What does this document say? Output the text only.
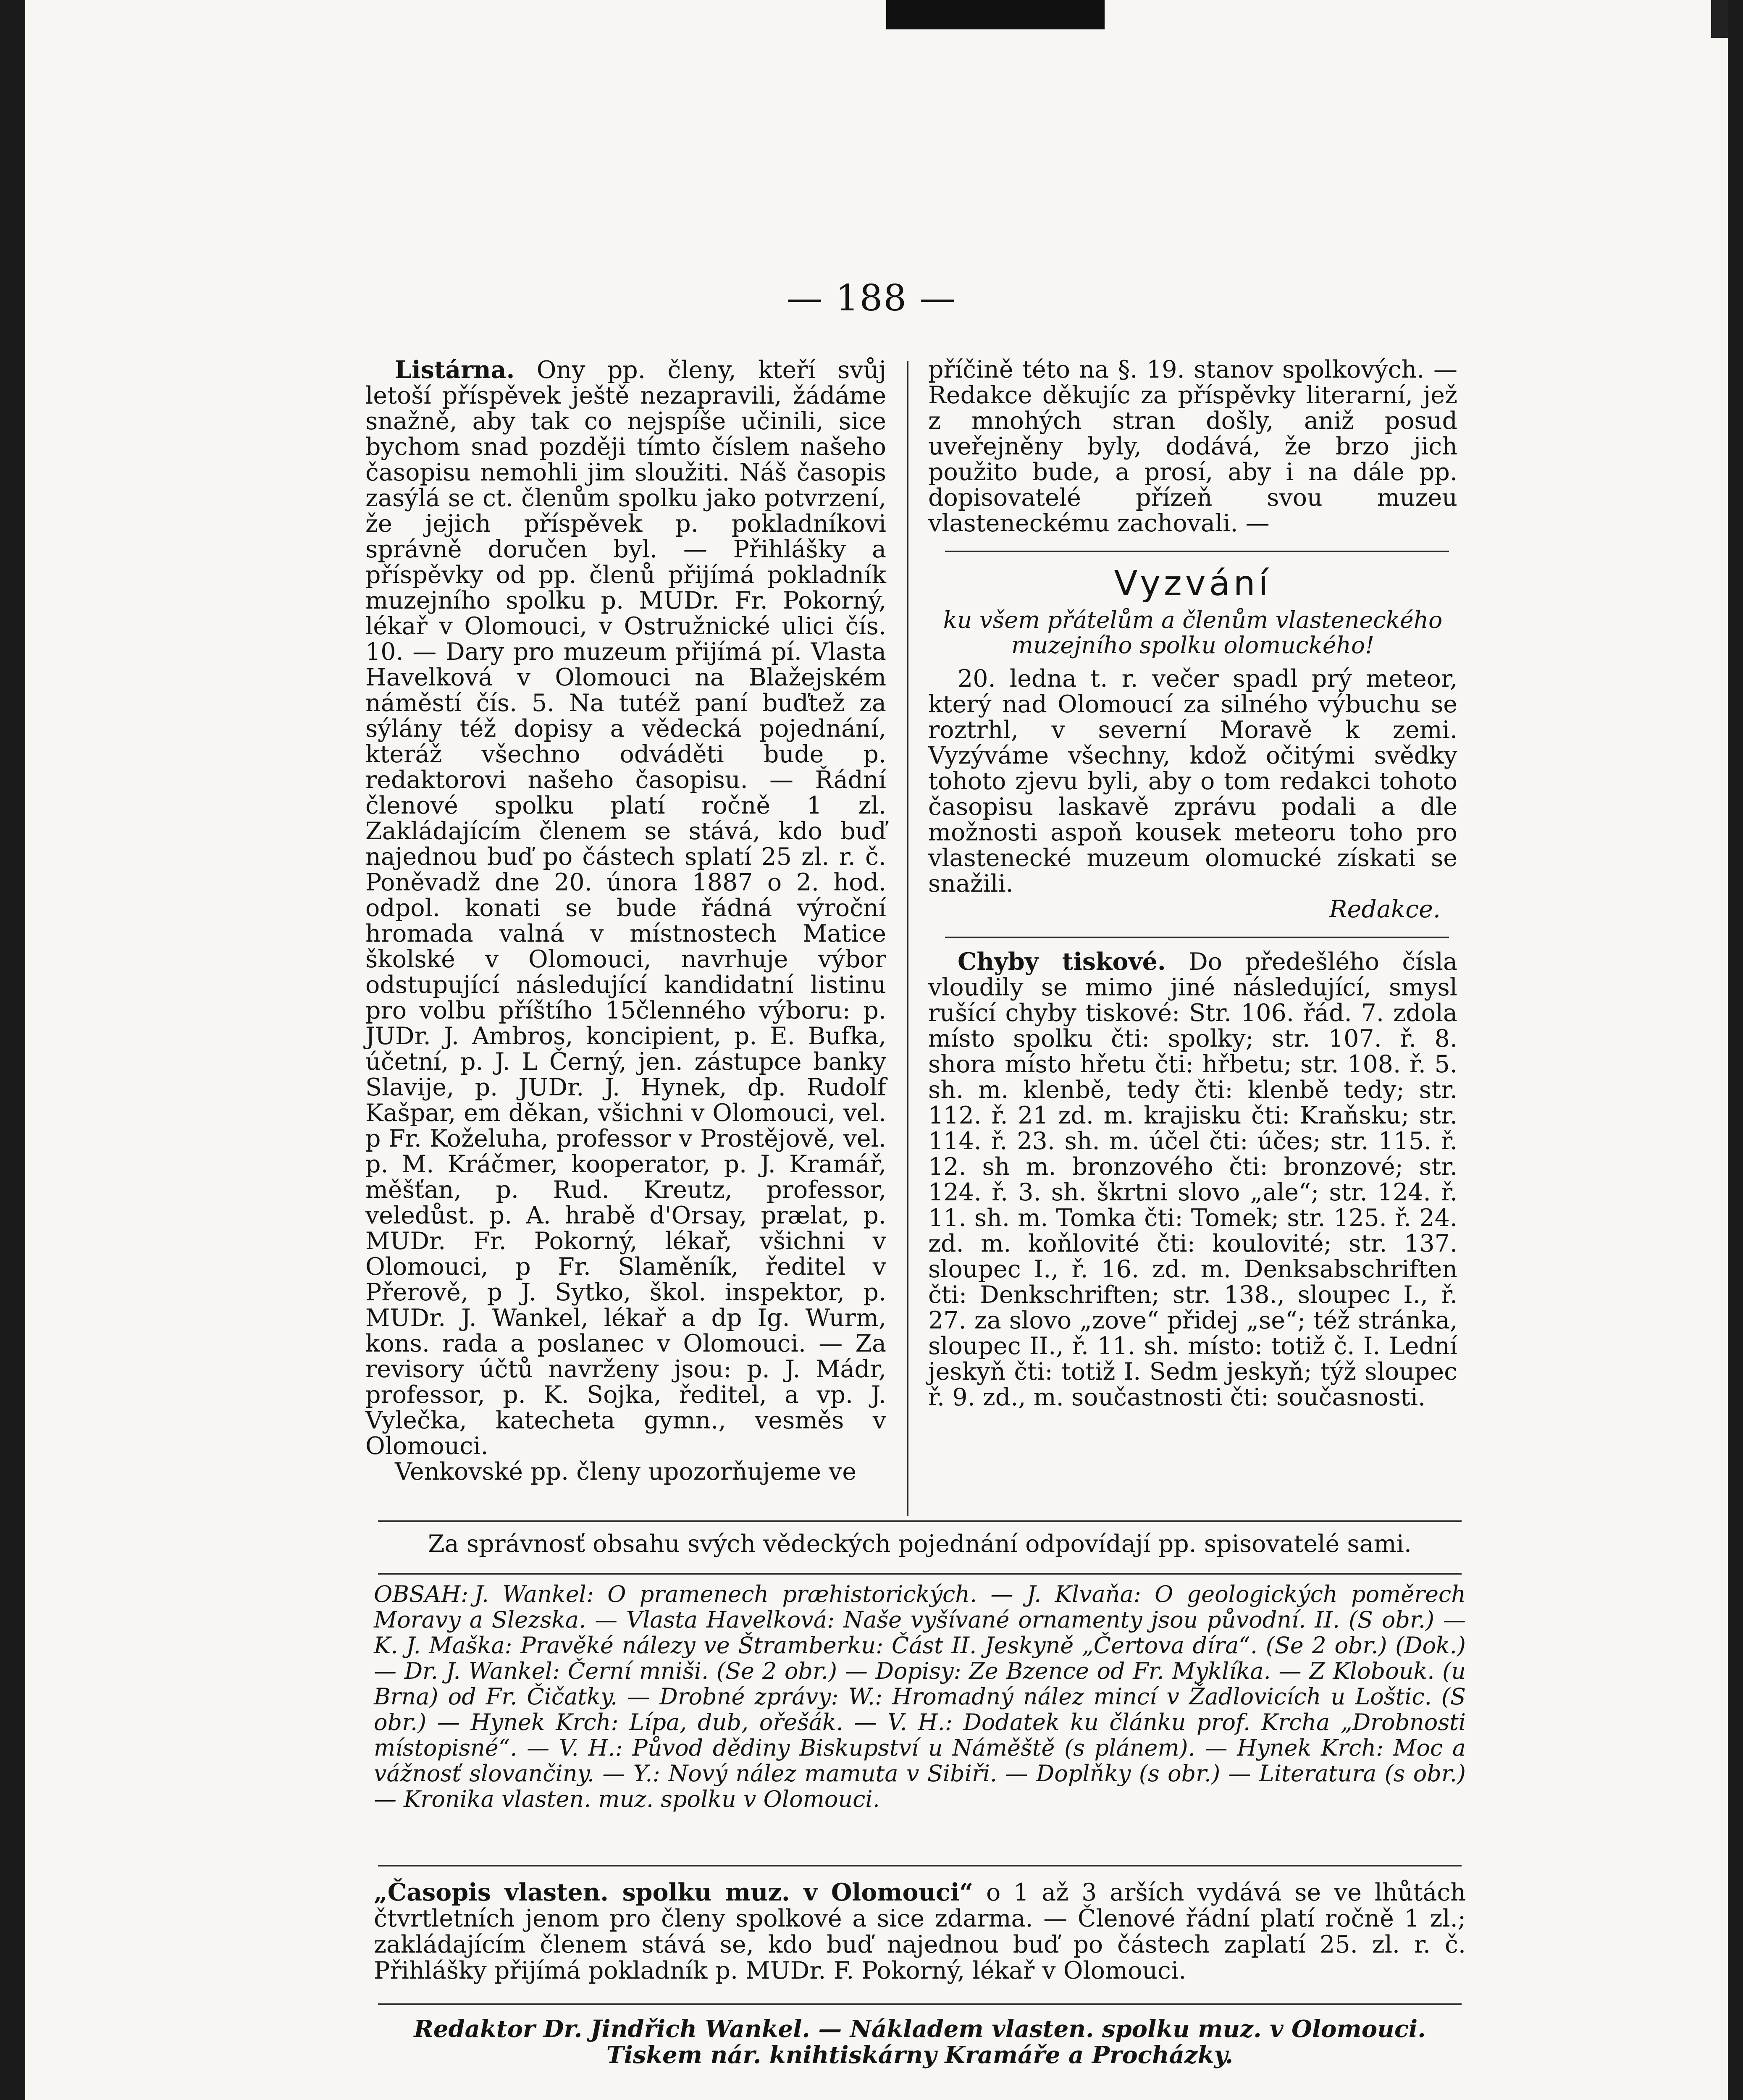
— 188 —

Listárna. Ony pp. členy, kteří svůj letoší příspěvek ještě nezapravili, žádáme snažně, aby tak co nejspíše učinili, sice bychom snad později tímto číslem našeho časopisu nemohli jim sloužiti. Náš časopis zasýlá se ct. členům spolku jako potvrzení, že jejich příspěvek p. pokladníkovi správně doručen byl. — Přihlášky a příspěvky od pp. členů přijímá pokladník muzejního spolku p. MUDr. Fr. Pokorný, lékař v Olomouci, v Ostružnické ulici čís. 10. — Dary pro muzeum přijímá pí. Vlasta Havelková v Olomouci na Blažejském náměstí čís. 5. Na tutéž paní buďtež za sýlány též dopisy a vědecká pojednání, kteráž všechno odváděti bude p. redaktorovi našeho časopisu. — Řádní členové spolku platí ročně 1 zl. Zakládajícím členem se stává, kdo buď najednou buď po částech splatí 25 zl. r. č. Poněvadž dne 20. února 1887 o 2. hod. odpol. konati se bude řádná výroční hromada valná v místnostech Matice školské v Olomouci, navrhuje výbor odstupující následující kandidatní listinu pro volbu příštího 15členného výboru: p. JUDr. J. Ambros, koncipient, p. E. Bufka, účetní, p. J. L Černý, jen. zástupce banky Slavije, p. JUDr. J. Hynek, dp. Rudolf Kašpar, em děkan, všichni v Olomouci, vel. p Fr. Koželuha, professor v Prostějově, vel. p. M. Kráčmer, kooperator, p. J. Kramář, měšťan, p. Rud. Kreutz, professor, veledůst. p. A. hrabě d'Orsay, prælat, p. MUDr. Fr. Pokorný, lékař, všichni v Olomouci, p Fr. Slaměník, ředitel v Přerově, p J. Sytko, škol. inspektor, p. MUDr. J. Wankel, lékař a dp Ig. Wurm, kons. rada a poslanec v Olomouci. — Za revisory účtů navrženy jsou: p. J. Mádr, professor, p. K. Sojka, ředitel, a vp. J. Vylečka, katecheta gymn., vesměs v Olomouci.

Venkovské pp. členy upozorňujeme ve

příčině této na §. 19. stanov spolkových. — Redakce děkujíc za příspěvky literarní, jež z mnohých stran došly, aniž posud uveřejněny byly, dodává, že brzo jich použito bude, a prosí, aby i na dále pp. dopisovatelé přízeň svou muzeu vlasteneckému zachovali. —

Vyzvání
ku všem přátelům a členům vlasteneckého muzejního spolku olomuckého!

20. ledna t. r. večer spadl prý meteor, který nad Olomoucí za silného výbuchu se roztrhl, v severní Moravě k zemi. Vyzýváme všechny, kdož očitými svědky tohoto zjevu byli, aby o tom redakci tohoto časopisu laskavě zprávu podali a dle možnosti aspoň kousek meteoru toho pro vlastenecké muzeum olomucké získati se snažili.

Redakce.

Chyby tiskové. Do předešlého čísla vloudily se mimo jiné následující, smysl rušící chyby tiskové: Str. 106. řád. 7. zdola místo spolku čti: spolky; str. 107. ř. 8. shora místo hřetu čti: hřbetu; str. 108. ř. 5. sh. m. klenbě, tedy čti: klenbě tedy; str. 112. ř. 21 zd. m. krajisku čti: Kraňsku; str. 114. ř. 23. sh. m. účel čti: účes; str. 115. ř. 12. sh m. bronzového čti: bronzové; str. 124. ř. 3. sh. škrtni slovo „ale“; str. 124. ř. 11. sh. m. Tomka čti: Tomek; str. 125. ř. 24. zd. m. koňlovité čti: koulovité; str. 137. sloupec I., ř. 16. zd. m. Denksabschriften čti: Denkschriften; str. 138., sloupec I., ř. 27. za slovo „zove“ přidej „se“; též stránka, sloupec II., ř. 11. sh. místo: totiž č. I. Lední jeskyň čti: totiž I. Sedm jeskyň; týž sloupec ř. 9. zd., m. součastnosti čti: současnosti.

Za správnosť obsahu svých vědeckých pojednání odpovídají pp. spisovatelé sami.
OBSAH: J. Wankel: O pramenech præhistorických. — J. Klvaňa: O geologických poměrech Moravy a Slezska. — Vlasta Havelková: Naše vyšívané ornamenty jsou původní. II. (S obr.) — K. J. Maška: Pravěké nálezy ve Štramberku: Část II. Jeskyně „Čertova díra“. (Se 2 obr.) (Dok.) — Dr. J. Wankel: Černí mniši. (Se 2 obr.) — Dopisy: Ze Bzence od Fr. Myklíka. — Z Klobouk. (u Brna) od Fr. Čičatky. — Drobné zprávy: W.: Hromadný nález mincí v Žadlovicích u Loštic. (S obr.) — Hynek Krch: Lípa, dub, ořešák. — V. H.: Dodatek ku článku prof. Krcha „Drobnosti místopisné“. — V. H.: Původ dědiny Biskupství u Náměště (s plánem). — Hynek Krch: Moc a vážnosť slovančiny. — Y.: Nový nález mamuta v Sibiři. — Doplňky (s obr.) — Literatura (s obr.) — Kronika vlasten. muz. spolku v Olomouci.
„Časopis vlasten. spolku muz. v Olomouci“ o 1 až 3 arších vydává se ve lhůtách čtvrtletních jenom pro členy spolkové a sice zdarma. — Členové řádní platí ročně 1 zl.; zakládajícím členem stává se, kdo buď najednou buď po částech zaplatí 25. zl. r. č. Přihlášky přijímá pokladník p. MUDr. F. Pokorný, lékař v Olomouci.
Redaktor Dr. Jindřich Wankel. — Nákladem vlasten. spolku muz. v Olomouci.
Tiskem nár. knihtiskárny Kramáře a Procházky.
